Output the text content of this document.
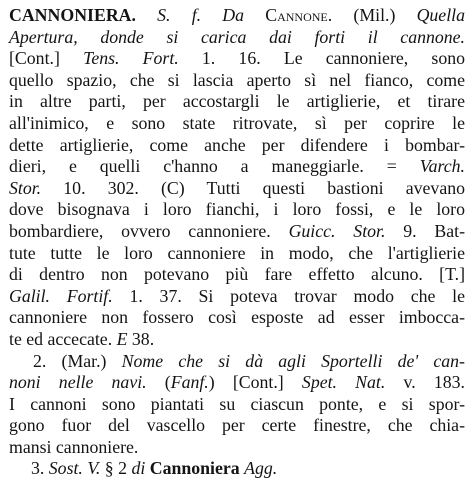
CANNONIERA. S. f. Da Cannone. (Mil.) Quella
Apertura, donde si carica dai forti il cannone.
[Cont.] Tens. Fort. 1. 16. Le cannoniere, sono
quello spazio, che si lascia aperto sì nel fianco, come
in altre parti, per accostargli le artiglierie, et tirare
all'inimico, e sono state ritrovate, sì per coprire le
dette artiglierie, come anche per difendere i bombar-
dieri, e quelli c'hanno a maneggiarle. = Varch.
Stor. 10. 302. (C) Tutti questi bastioni avevano
dove bisognava i loro fianchi, i loro fossi, e le loro
bombardiere, ovvero cannoniere. Guicc. Stor. 9. Bat-
tute tutte le loro cannoniere in modo, che l'artiglierie
di dentro non potevano più fare effetto alcuno. [T.]
Galil. Fortif. 1. 37. Si poteva trovar modo che le
cannoniere non fossero così esposte ad esser imbocca-
te ed accecate. E 38.
2. (Mar.) Nome che si dà agli Sportelli de' can-
noni nelle navi. (Fanf.) [Cont.] Spet. Nat. v. 183.
I cannoni sono piantati su ciascun ponte, e si spor-
gono fuor del vascello per certe finestre, che chia-
mansi cannoniere.
3. Sost. V. § 2 di Cannoniera Agg.
